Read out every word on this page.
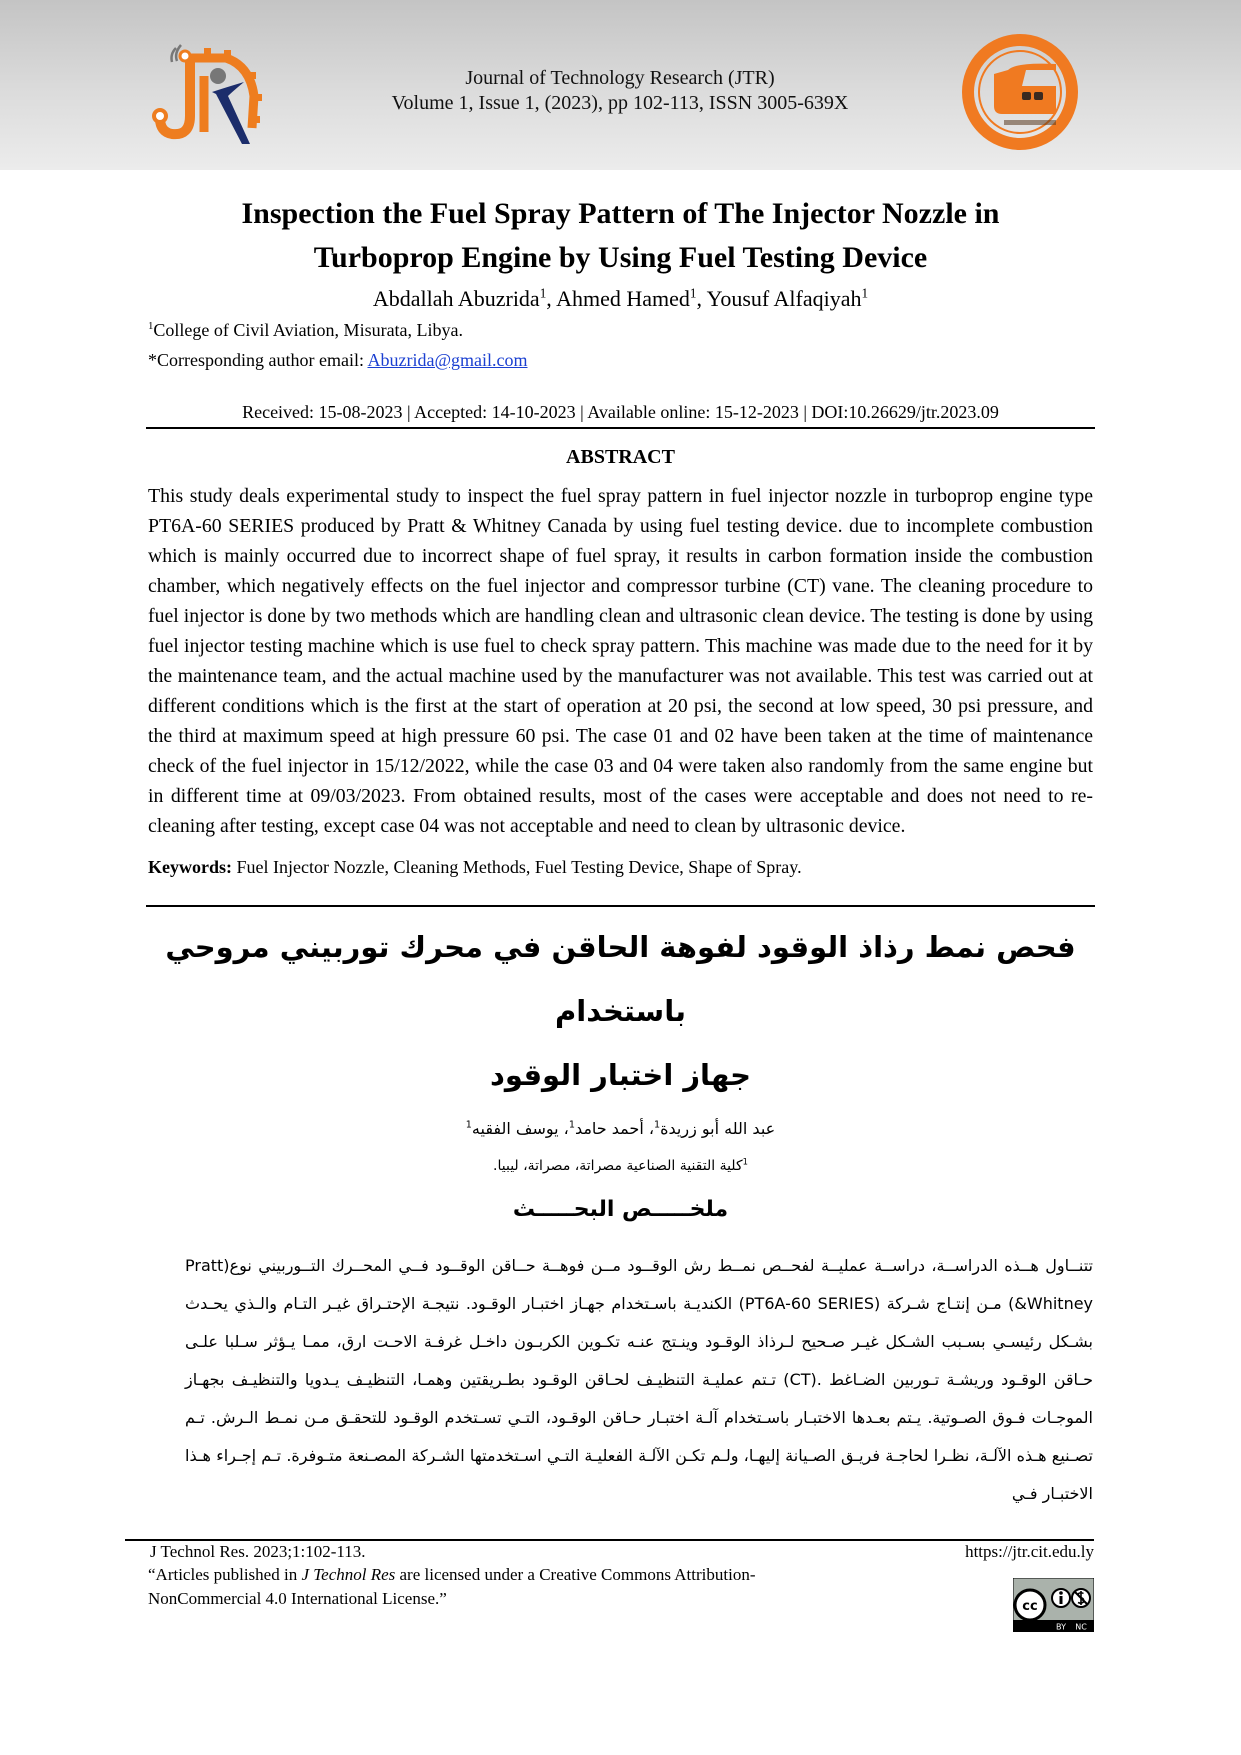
Journal of Technology Research (JTR)
Volume 1, Issue 1, (2023), pp 102-113, ISSN 3005-639X
Inspection the Fuel Spray Pattern of The Injector Nozzle in
Turboprop Engine by Using Fuel Testing Device
Abdallah Abuzrida$^1$, Ahmed Hamed$^1$, Yousuf Alfaqiyah$^1$
$^1$College of Civil Aviation, Misurata, Libya.
*Corresponding author email: Abuzrida@gmail.com
Received: 15-08-2023 | Accepted: 14-10-2023 | Available online: 15-12-2023 | DOI:10.26629/jtr.2023.09
ABSTRACT
This study deals experimental study to inspect the fuel spray pattern in fuel injector nozzle in turboprop engine type PT6A-60 SERIES produced by Pratt & Whitney Canada by using fuel testing device. due to incomplete combustion which is mainly occurred due to incorrect shape of fuel spray, it results in carbon formation inside the combustion chamber, which negatively effects on the fuel injector and compressor turbine (CT) vane. The cleaning procedure to fuel injector is done by two methods which are handling clean and ultrasonic clean device. The testing is done by using fuel injector testing machine which is use fuel to check spray pattern. This machine was made due to the need for it by the maintenance team, and the actual machine used by the manufacturer was not available. This test was carried out at different conditions which is the first at the start of operation at 20 psi, the second at low speed, 30 psi pressure, and the third at maximum speed at high pressure 60 psi. The case 01 and 02 have been taken at the time of maintenance check of the fuel injector in 15/12/2022, while the case 03 and 04 were taken also randomly from the same engine but in different time at 09/03/2023. From obtained results, most of the cases were acceptable and does not need to re-cleaning after testing, except case 04 was not acceptable and need to clean by ultrasonic device.
Keywords: Fuel Injector Nozzle, Cleaning Methods, Fuel Testing Device, Shape of Spray.
فحص نمط رذاذ الوقود لفوهة الحاقن في محرك توربيني مروحي باستخدام
جهاز اختبار الوقود
عبد الله أبو زريدة$^1$، أحمد حامد$^1$، يوسف الفقيه$^1$
$^1$كلية التقنية الصناعية مصراتة، مصراتة، ليبيا.
ملخـــــص البحـــــث
تتنــاول هــذه الدراســة، دراســة عمليــة لفحــص نمــط رش الوقــود مــن فوهــة حــاقن الوقــود فــي المحــرك التــوربيني نوع(Pratt &Whitney) مـن إنتـاج شـركة (PT6A-60 SERIES) الكنديـة باسـتخدام جهـاز اختبـار الوقـود. نتيجـة الإحتـراق غيـر التـام والـذي يحـدث بشـكل رئيسـي بسـبب الشـكل غيـر صـحيح لـرذاذ الوقـود وينـتج عنـه تكـوين الكربـون داخـل غرفـة الاحـت ارق، ممـا يـؤثر سـلبا علـى حـاقن الوقـود وريشـة تـوربين الضـاغط .(CT) تـتم عمليـة التنظيـف لحـاقن الوقـود بطـريقتين وهمـا، التنظيـف يـدويا والتنظيـف بجهـاز الموجـات فـوق الصـوتية. يـتم بعـدها الاختبـار باسـتخدام آلـة اختبـار حـاقن الوقـود، التـي تسـتخدم الوقـود للتحقـق مـن نمـط الـرش. تـم تصـنيع هـذه الآلـة، نظـرا لحاجـة فريـق الصـيانة إليهـا، ولـم تكـن الآلـة الفعليـة التـي اسـتخدمتها الشـركة المصـنعة متـوفرة. تـم إجـراء هـذا الاختبـار فـي
J Technol Res. 2023;1:102-113.	https://jtr.cit.edu.ly
“Articles published in J Technol Res are licensed under a Creative Commons Attribution-NonCommercial 4.0 International License.”	cc
BY NC
